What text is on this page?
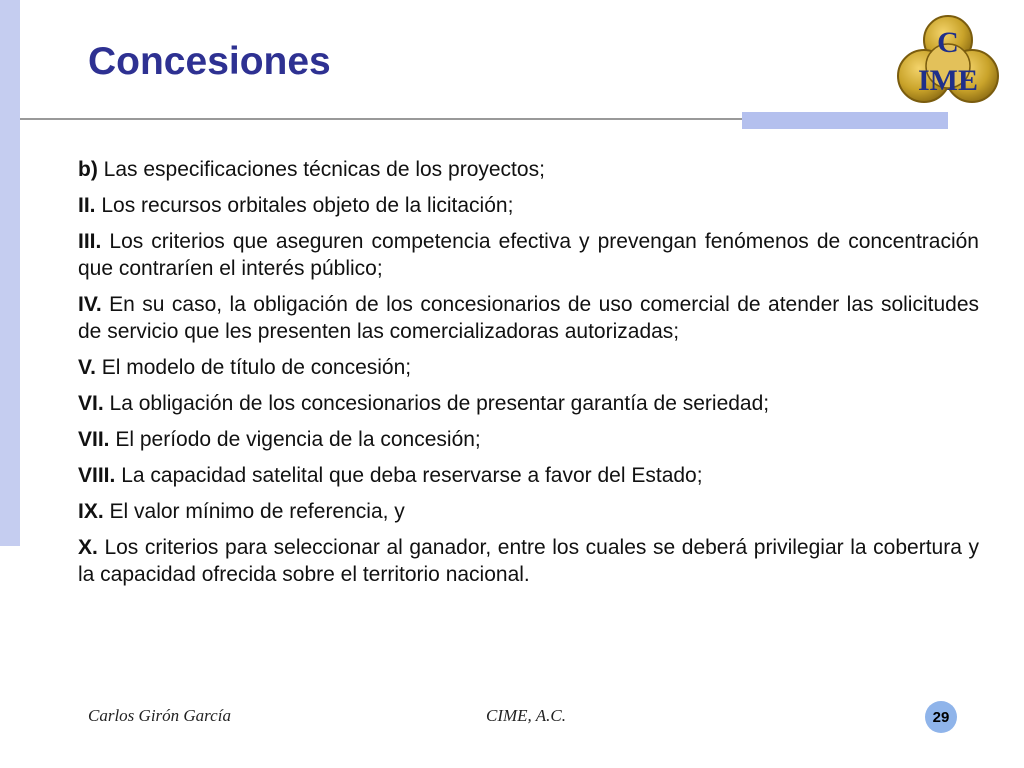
Concesiones	C
IME

b) Las especificaciones técnicas de los proyectos;

II. Los recursos orbitales objeto de la licitación;

III. Los criterios que aseguren competencia efectiva y prevengan fenómenos de concentración que contraríen el interés público;

IV. En su caso, la obligación de los concesionarios de uso comercial de atender las solicitudes de servicio que les presenten las comercializadoras autorizadas;

V. El modelo de título de concesión;

VI. La obligación de los concesionarios de presentar garantía de seriedad;

VII. El período de vigencia de la concesión;

VIII. La capacidad satelital que deba reservarse a favor del Estado;

IX. El valor mínimo de referencia, y

X. Los criterios para seleccionar al ganador, entre los cuales se deberá privilegiar la cobertura y la capacidad ofrecida sobre el territorio nacional.

Carlos Girón García	CIME, A.C.	29
